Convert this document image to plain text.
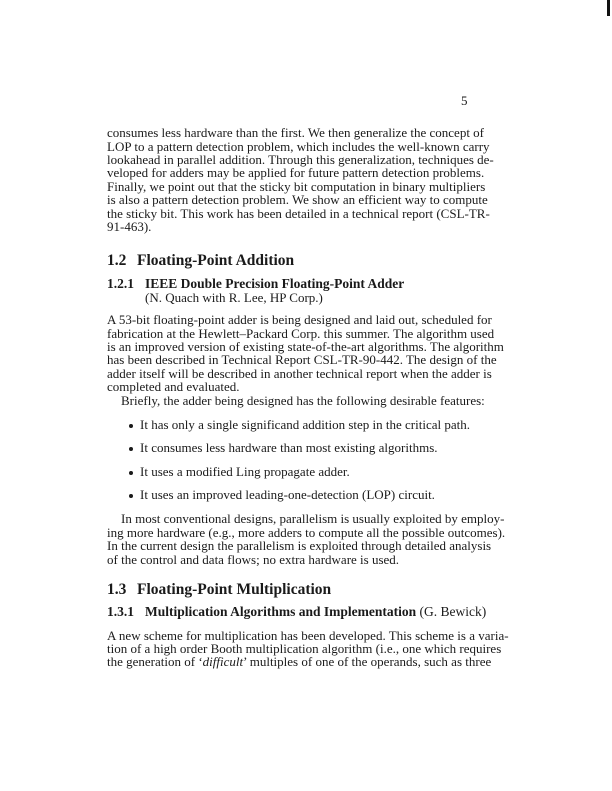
5
consumes less hardware than the first. We then generalize the concept of
LOP to a pattern detection problem, which includes the well-known carry
lookahead in parallel addition. Through this generalization, techniques de-
veloped for adders may be applied for future pattern detection problems.
Finally, we point out that the sticky bit computation in binary multipliers
is also a pattern detection problem. We show an efficient way to compute
the sticky bit. This work has been detailed in a technical report (CSL-TR-
91-463).
1.2 Floating-Point Addition
1.2.1 IEEE Double Precision Floating-Point Adder
(N. Quach with R. Lee, HP Corp.)
A 53-bit floating-point adder is being designed and laid out, scheduled for
fabrication at the Hewlett–Packard Corp. this summer. The algorithm used
is an improved version of existing state-of-the-art algorithms. The algorithm
has been described in Technical Report CSL-TR-90-442. The design of the
adder itself will be described in another technical report when the adder is
completed and evaluated.
Briefly, the adder being designed has the following desirable features:
It has only a single significand addition step in the critical path.
It consumes less hardware than most existing algorithms.
It uses a modified Ling propagate adder.
It uses an improved leading-one-detection (LOP) circuit.
In most conventional designs, parallelism is usually exploited by employ-
ing more hardware (e.g., more adders to compute all the possible outcomes).
In the current design the parallelism is exploited through detailed analysis
of the control and data flows; no extra hardware is used.
1.3 Floating-Point Multiplication
1.3.1 Multiplication Algorithms and Implementation (G. Bewick)
A new scheme for multiplication has been developed. This scheme is a varia-
tion of a high order Booth multiplication algorithm (i.e., one which requires
the generation of ‘difficult ’ multiples of one of the operands, such as three
